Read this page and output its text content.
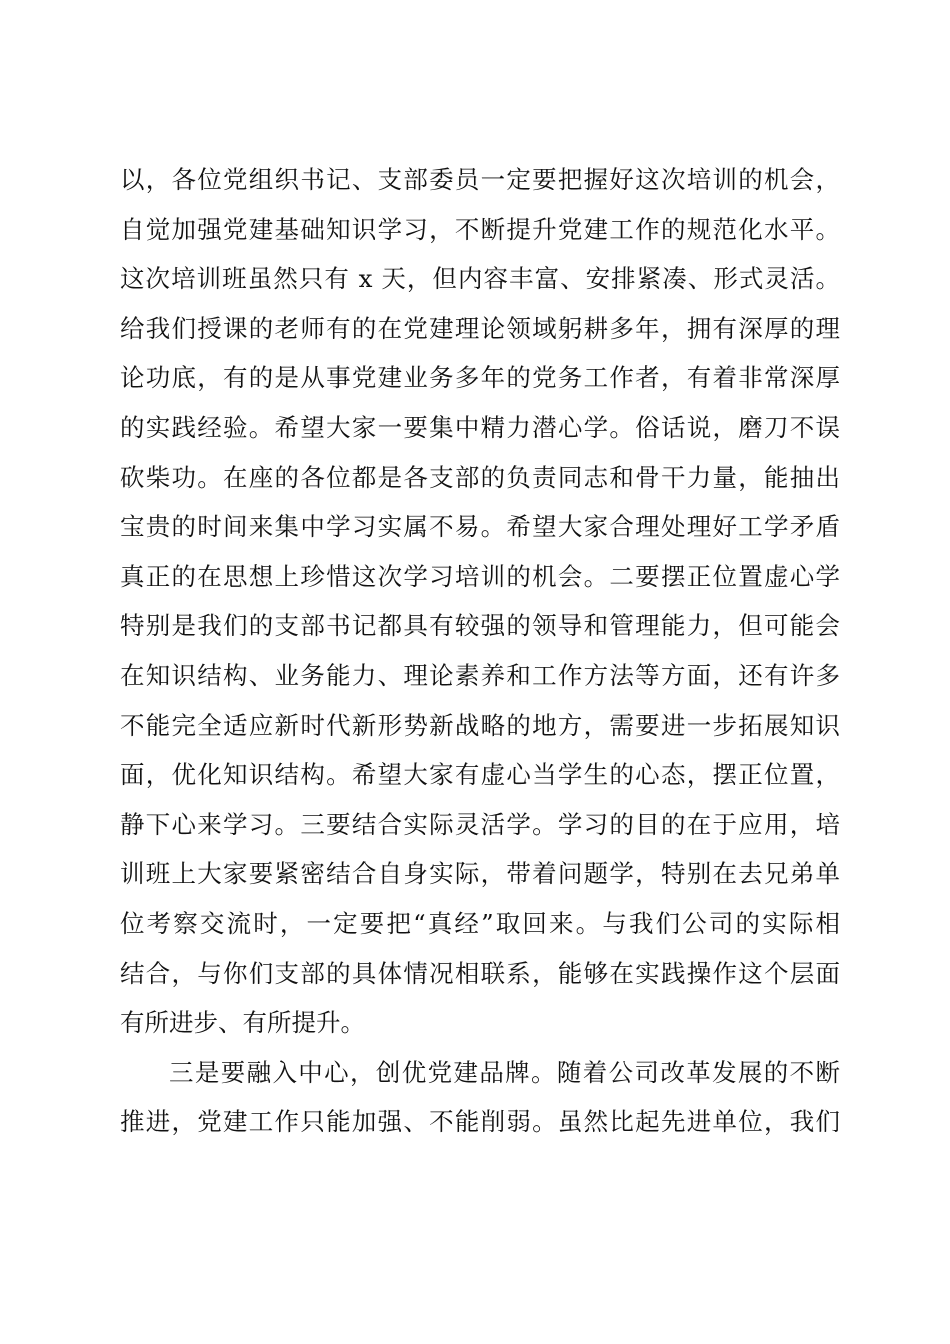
以，各位党组织书记、支部委员一定要把握好这次培训的机会，
自觉加强党建基础知识学习，不断提升党建工作的规范化水平。
这次培训班虽然只有 x 天，但内容丰富、安排紧凑、形式灵活。
给我们授课的老师有的在党建理论领域躬耕多年，拥有深厚的理
论功底，有的是从事党建业务多年的党务工作者，有着非常深厚
的实践经验。希望大家一要集中精力潜心学。俗话说，磨刀不误
砍柴功。在座的各位都是各支部的负责同志和骨干力量，能抽出
宝贵的时间来集中学习实属不易。希望大家合理处理好工学矛盾
真正的在思想上珍惜这次学习培训的机会。二要摆正位置虚心学
特别是我们的支部书记都具有较强的领导和管理能力，但可能会
在知识结构、业务能力、理论素养和工作方法等方面，还有许多
不能完全适应新时代新形势新战略的地方，需要进一步拓展知识
面，优化知识结构。希望大家有虚心当学生的心态，摆正位置，
静下心来学习。三要结合实际灵活学。学习的目的在于应用，培
训班上大家要紧密结合自身实际，带着问题学，特别在去兄弟单
位考察交流时，一定要把“真经”取回来。与我们公司的实际相
结合，与你们支部的具体情况相联系，能够在实践操作这个层面
有所进步、有所提升。
三是要融入中心，创优党建品牌。随着公司改革发展的不断
推进，党建工作只能加强、不能削弱。虽然比起先进单位，我们
